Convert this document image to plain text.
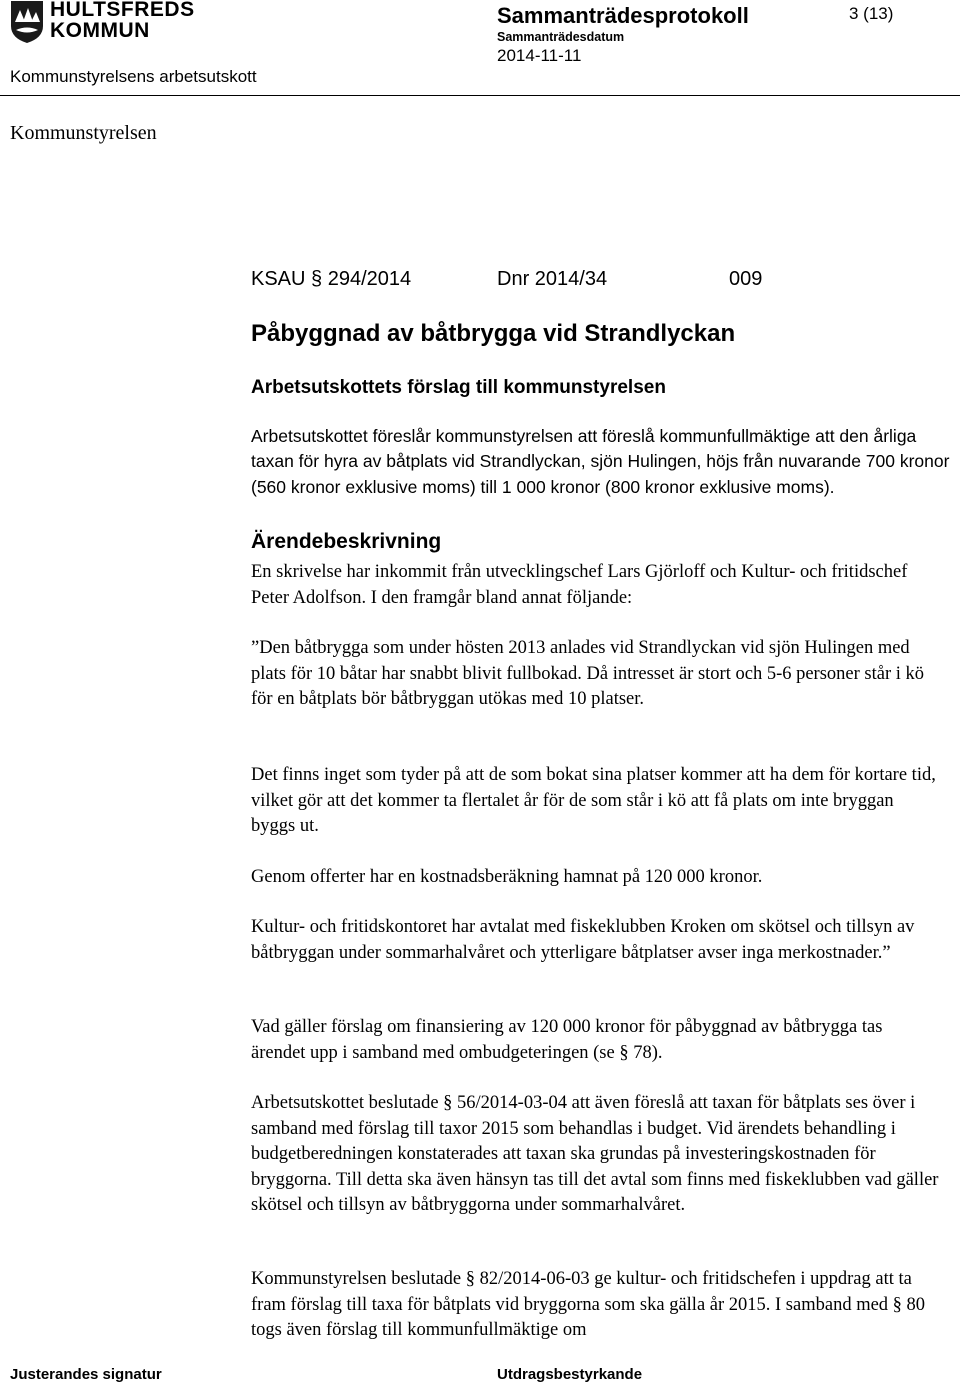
HULTSFREDS
KOMMUN
Sammanträdesprotokoll
Sammanträdesdatum
2014-11-11
3 (13)
Kommunstyrelsens arbetsutskott
Kommunstyrelsen
KSAU § 294/2014	Dnr 2014/34	009
Påbyggnad av båtbrygga vid Strandlyckan
Arbetsutskottets förslag till kommunstyrelsen

Arbetsutskottet föreslår kommunstyrelsen att föreslå kommunfullmäktige att den årliga taxan för hyra av båtplats vid Strandlyckan, sjön Hulingen, höjs från nuvarande 700 kronor (560 kronor exklusive moms) till 1 000 kronor (800 kronor exklusive moms).

Ärendebeskrivning

En skrivelse har inkommit från utvecklingschef Lars Gjörloff och Kultur- och fritidschef Peter Adolfson. I den framgår bland annat följande:

”Den båtbrygga som under hösten 2013 anlades vid Strandlyckan vid sjön Hulingen med plats för 10 båtar har snabbt blivit fullbokad. Då intresset är stort och 5-6 personer står i kö för en båtplats bör båtbryggan utökas med 10 platser.

Det finns inget som tyder på att de som bokat sina platser kommer att ha dem för kortare tid, vilket gör att det kommer ta flertalet år för de som står i kö att få plats om inte bryggan byggs ut.

Genom offerter har en kostnadsberäkning hamnat på 120 000 kronor.

Kultur- och fritidskontoret har avtalat med fiskeklubben Kroken om skötsel och tillsyn av båtbryggan under sommarhalvåret och ytterligare båtplatser avser inga merkostnader.”

Vad gäller förslag om finansiering av 120 000 kronor för påbyggnad av båtbrygga tas ärendet upp i samband med ombudgeteringen (se § 78).

Arbetsutskottet beslutade § 56/2014-03-04 att även föreslå att taxan för båtplats ses över i samband med förslag till taxor 2015 som behandlas i budget. Vid ärendets behandling i budgetberedningen konstaterades att taxan ska grundas på investeringskostnaden för bryggorna. Till detta ska även hänsyn tas till det avtal som finns med fiskeklubben vad gäller skötsel och tillsyn av båtbryggorna under sommarhalvåret.

Kommunstyrelsen beslutade § 82/2014-06-03 ge kultur- och fritidschefen i uppdrag att ta fram förslag till taxa för båtplats vid bryggorna som ska gälla år 2015. I samband med § 80 togs även förslag till kommunfullmäktige om

Justerandes signatur	Utdragsbestyrkande
